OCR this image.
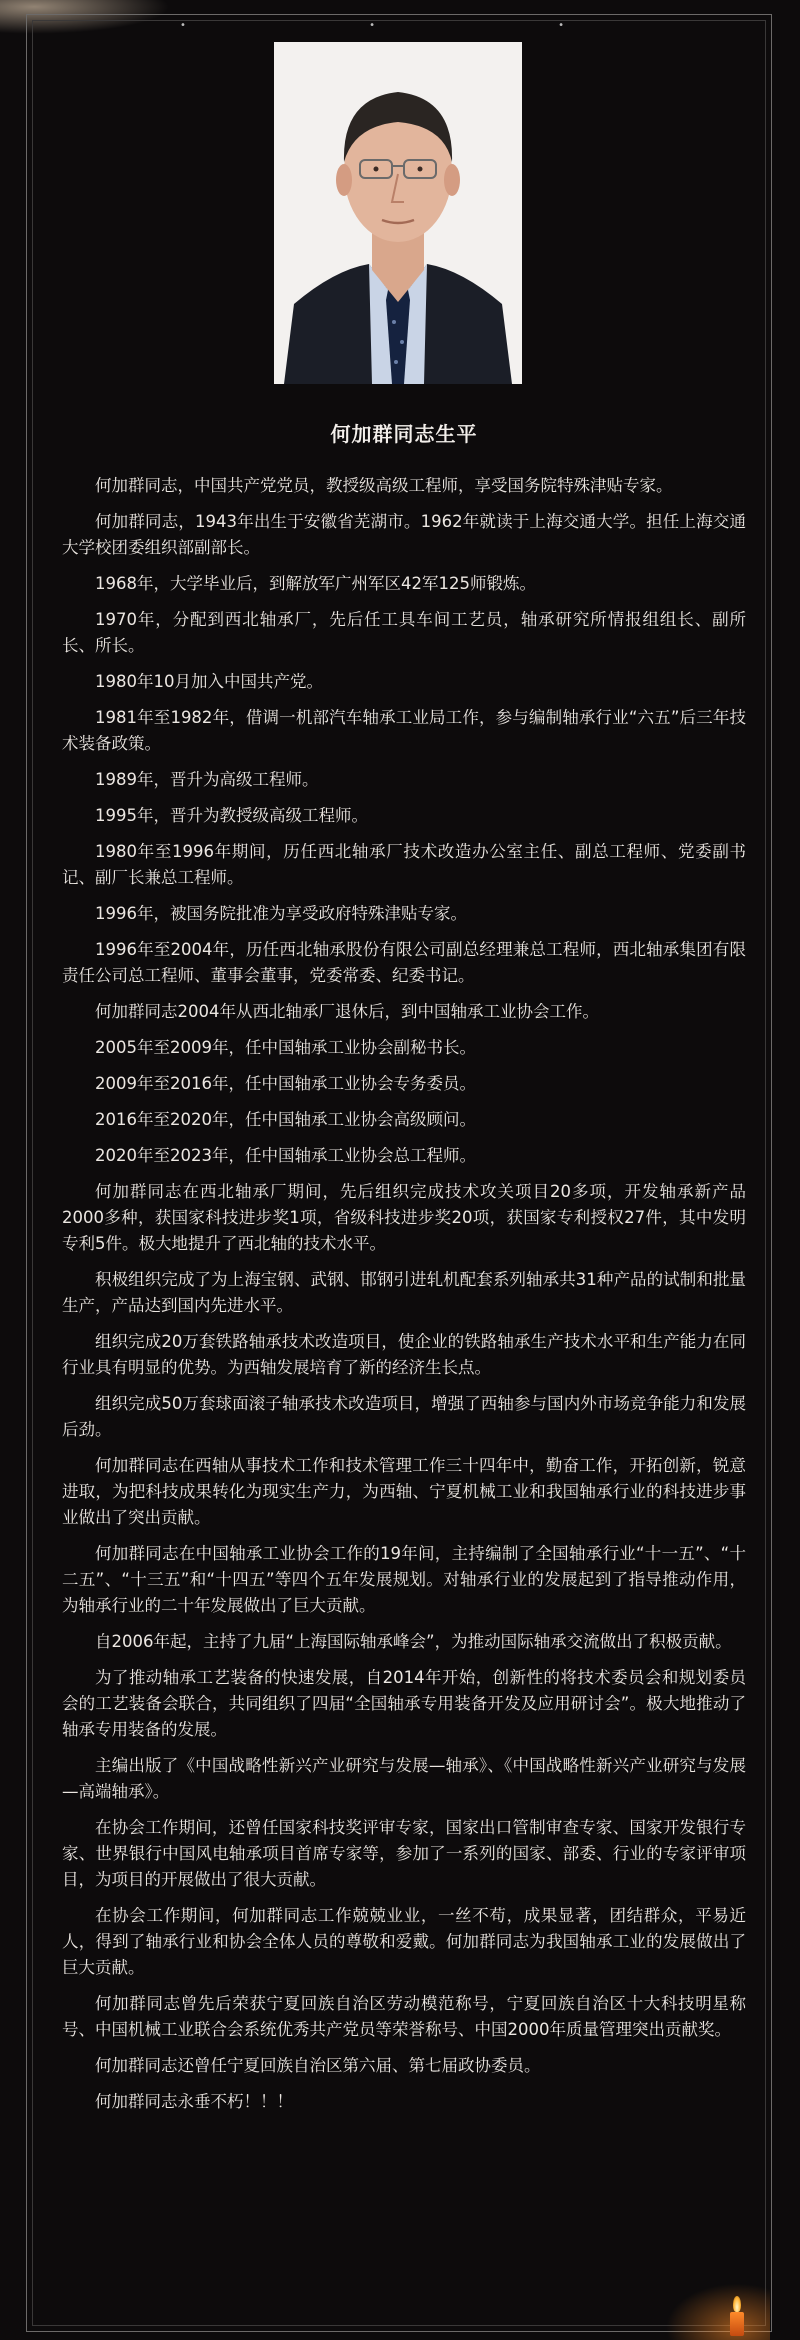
• • •
何加群同志生平

何加群同志，中国共产党党员，教授级高级工程师，享受国务院特殊津贴专家。

何加群同志，1943年出生于安徽省芜湖市。1962年就读于上海交通大学。担任上海交通大学校团委组织部副部长。

1968年，大学毕业后，到解放军广州军区42军125师锻炼。

1970年，分配到西北轴承厂，先后任工具车间工艺员，轴承研究所情报组组长、副所长、所长。

1980年10月加入中国共产党。

1981年至1982年，借调一机部汽车轴承工业局工作，参与编制轴承行业“六五”后三年技术装备政策。

1989年，晋升为高级工程师。

1995年，晋升为教授级高级工程师。

1980年至1996年期间，历任西北轴承厂技术改造办公室主任、副总工程师、党委副书记、副厂长兼总工程师。

1996年，被国务院批准为享受政府特殊津贴专家。

1996年至2004年，历任西北轴承股份有限公司副总经理兼总工程师，西北轴承集团有限责任公司总工程师、董事会董事，党委常委、纪委书记。

何加群同志2004年从西北轴承厂退休后，到中国轴承工业协会工作。

2005年至2009年，任中国轴承工业协会副秘书长。

2009年至2016年，任中国轴承工业协会专务委员。

2016年至2020年，任中国轴承工业协会高级顾问。

2020年至2023年，任中国轴承工业协会总工程师。

何加群同志在西北轴承厂期间，先后组织完成技术攻关项目20多项，开发轴承新产品2000多种，获国家科技进步奖1项，省级科技进步奖20项，获国家专利授权27件，其中发明专利5件。极大地提升了西北轴的技术水平。

积极组织完成了为上海宝钢、武钢、邯钢引进轧机配套系列轴承共31种产品的试制和批量生产，产品达到国内先进水平。

组织完成20万套铁路轴承技术改造项目，使企业的铁路轴承生产技术水平和生产能力在同行业具有明显的优势。为西轴发展培育了新的经济生长点。

组织完成50万套球面滚子轴承技术改造项目，增强了西轴参与国内外市场竞争能力和发展后劲。

何加群同志在西轴从事技术工作和技术管理工作三十四年中，勤奋工作，开拓创新，锐意进取，为把科技成果转化为现实生产力，为西轴、宁夏机械工业和我国轴承行业的科技进步事业做出了突出贡献。

何加群同志在中国轴承工业协会工作的19年间，主持编制了全国轴承行业“十一五”、“十二五”、“十三五”和“十四五”等四个五年发展规划。对轴承行业的发展起到了指导推动作用，为轴承行业的二十年发展做出了巨大贡献。

自2006年起，主持了九届“上海国际轴承峰会”，为推动国际轴承交流做出了积极贡献。

为了推动轴承工艺装备的快速发展，自2014年开始，创新性的将技术委员会和规划委员会的工艺装备会联合，共同组织了四届“全国轴承专用装备开发及应用研讨会”。极大地推动了轴承专用装备的发展。

主编出版了《中国战略性新兴产业研究与发展—轴承》、《中国战略性新兴产业研究与发展—高端轴承》。

在协会工作期间，还曾任国家科技奖评审专家，国家出口管制审查专家、国家开发银行专家、世界银行中国风电轴承项目首席专家等，参加了一系列的国家、部委、行业的专家评审项目，为项目的开展做出了很大贡献。

在协会工作期间，何加群同志工作兢兢业业，一丝不苟，成果显著，团结群众，平易近人，得到了轴承行业和协会全体人员的尊敬和爱戴。何加群同志为我国轴承工业的发展做出了巨大贡献。

何加群同志曾先后荣获宁夏回族自治区劳动模范称号，宁夏回族自治区十大科技明星称号、中国机械工业联合会系统优秀共产党员等荣誉称号、中国2000年质量管理突出贡献奖。

何加群同志还曾任宁夏回族自治区第六届、第七届政协委员。

何加群同志永垂不朽！！！
